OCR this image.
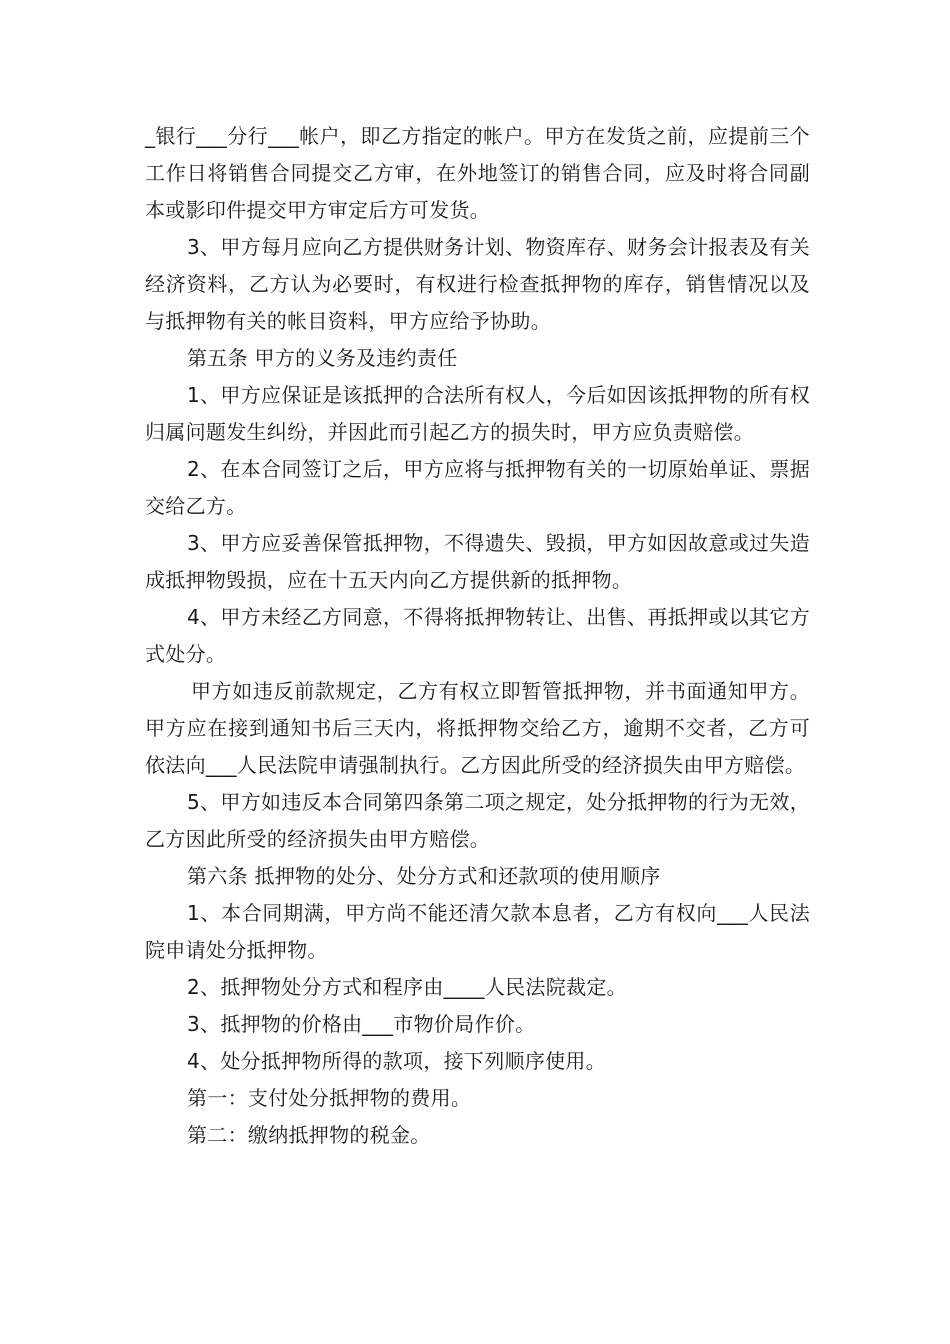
_银行___分行___帐户，即乙方指定的帐户。甲方在发货之前，应提前三个工作日将销售合同提交乙方审，在外地签订的销售合同，应及时将合同副本或影印件提交甲方审定后方可发货。

3、甲方每月应向乙方提供财务计划、物资库存、财务会计报表及有关经济资料，乙方认为必要时，有权进行检查抵押物的库存，销售情况以及与抵押物有关的帐目资料，甲方应给予协助。

第五条 甲方的义务及违约责任

1、甲方应保证是该抵押的合法所有权人，今后如因该抵押物的所有权归属问题发生纠纷，并因此而引起乙方的损失时，甲方应负责赔偿。

2、在本合同签订之后，甲方应将与抵押物有关的一切原始单证、票据交给乙方。

3、甲方应妥善保管抵押物，不得遗失、毁损，甲方如因故意或过失造成抵押物毁损，应在十五天内向乙方提供新的抵押物。

4、甲方未经乙方同意，不得将抵押物转让、出售、再抵押或以其它方式处分。

甲方如违反前款规定，乙方有权立即暂管抵押物，并书面通知甲方。甲方应在接到通知书后三天内，将抵押物交给乙方，逾期不交者，乙方可依法向___人民法院申请强制执行。乙方因此所受的经济损失由甲方赔偿。

5、甲方如违反本合同第四条第二项之规定，处分抵押物的行为无效，乙方因此所受的经济损失由甲方赔偿。

第六条 抵押物的处分、处分方式和还款项的使用顺序

1、本合同期满，甲方尚不能还清欠款本息者，乙方有权向___人民法院申请处分抵押物。

2、抵押物处分方式和程序由____人民法院裁定。

3、抵押物的价格由___市物价局作价。

4、处分抵押物所得的款项，接下列顺序使用。

第一：支付处分抵押物的费用。

第二：缴纳抵押物的税金。
